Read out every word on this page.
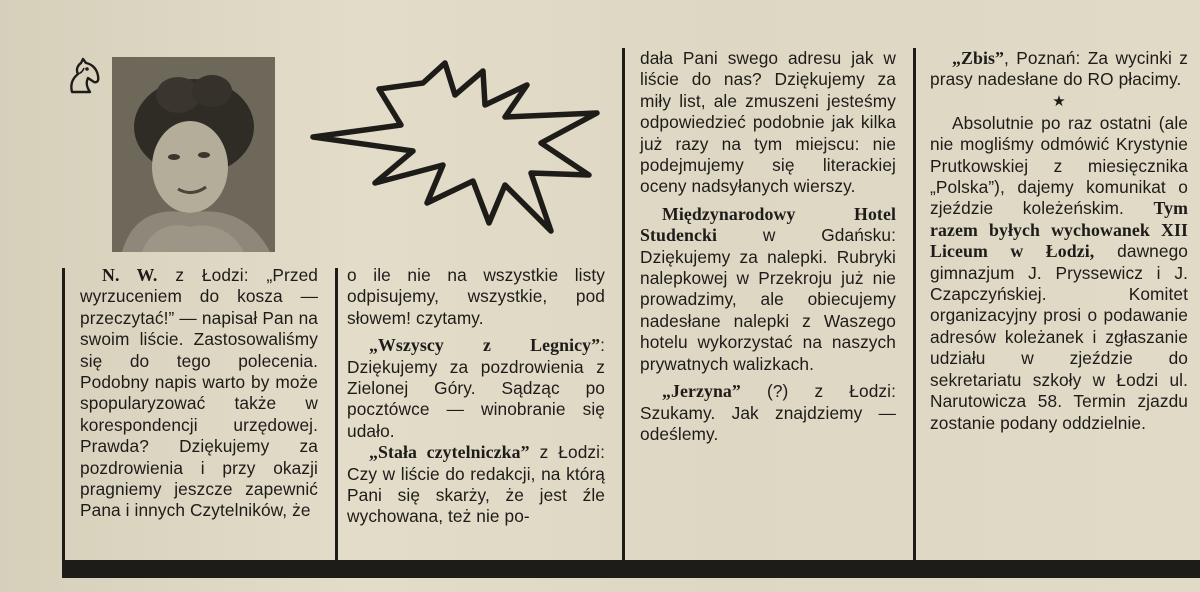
N. W. z Łodzi: „Przed wyrzuceniem do kosza — przeczytać!” — napisał Pan na swoim liście. Zastosowaliśmy się do tego polecenia. Podobny napis warto by może spopularyzować także w korespondencji urzędowej. Prawda? Dziękujemy za pozdrowienia i przy okazji pragniemy jeszcze zapewnić Pana i innych Czytelników, że

o ile nie na wszystkie listy odpisujemy, wszystkie, pod słowem! czytamy.

„Wszyscy z Legnicy”: Dziękujemy za pozdrowienia z Zielonej Góry. Sądząc po pocztówce — winobranie się udało.

„Stała czytelniczka” z Łodzi: Czy w liście do redakcji, na którą Pani się skarży, że jest źle wychowana, też nie po-

dała Pani swego adresu jak w liście do nas? Dziękujemy za miły list, ale zmuszeni jesteśmy odpowiedzieć podobnie jak kilka już razy na tym miejscu: nie podejmujemy się literackiej oceny nadsyłanych wierszy.

Międzynarodowy Hotel Studencki w Gdańsku: Dziękujemy za nalepki. Rubryki nalepkowej w Przekroju już nie prowadzimy, ale obiecujemy nadesłane nalepki z Waszego hotelu wykorzystać na naszych prywatnych walizkach.

„Jerzyna” (?) z Łodzi: Szukamy. Jak znajdziemy — odeślemy.

„Zbis”, Poznań: Za wycinki z prasy nadesłane do RO płacimy.

★

Absolutnie po raz ostatni (ale nie mogliśmy odmówić Krystynie Prutkowskiej z miesięcznika „Polska”), dajemy komunikat o zjeździe koleżeńskim. Tym razem byłych wychowanek XII Liceum w Łodzi, dawnego gimnazjum J. Pryssewicz i J. Czapczyńskiej. Komitet organizacyjny prosi o podawanie adresów koleżanek i zgłaszanie udziału w zjeździe do sekretariatu szkoły w Łodzi ul. Narutowicza 58. Termin zjazdu zostanie podany oddzielnie.
